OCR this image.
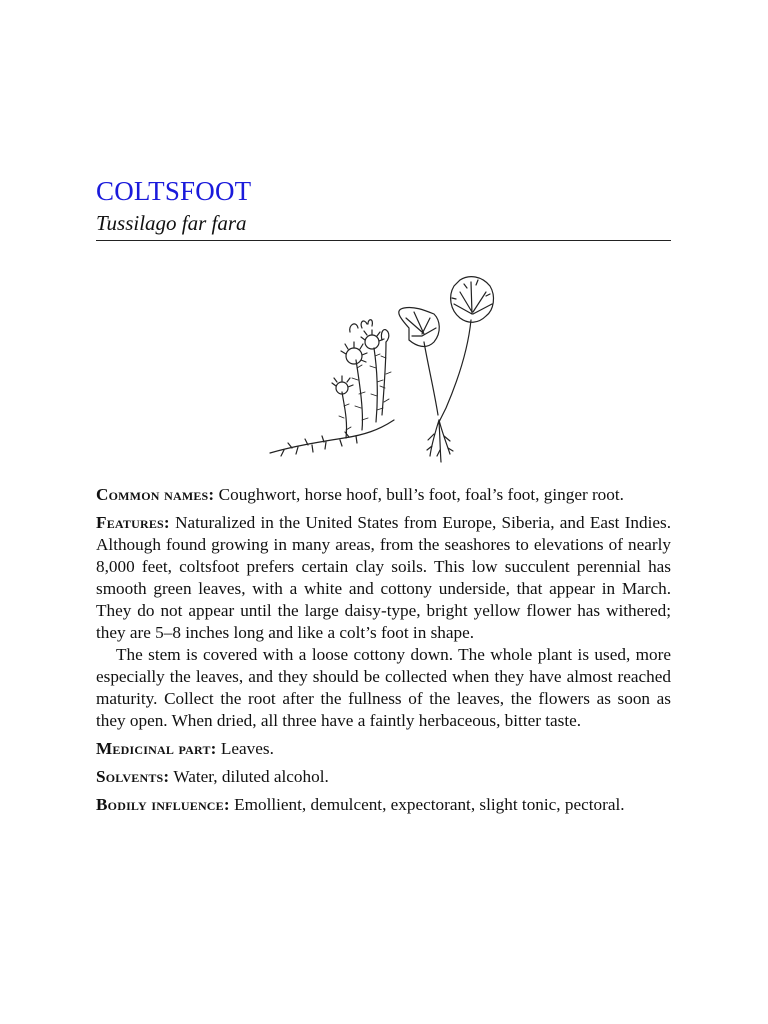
COLTSFOOT
Tussilago far fara

Common names: Coughwort, horse hoof, bull’s foot, foal’s foot, ginger root.

Features: Naturalized in the United States from Europe, Siberia, and East Indies. Although found growing in many areas, from the seashores to elevations of nearly 8,000 feet, coltsfoot prefers certain clay soils. This low succulent perennial has smooth green leaves, with a white and cottony underside, that appear in March. They do not appear until the large daisy-type, bright yellow flower has withered; they are 5–8 inches long and like a colt’s foot in shape.

The stem is covered with a loose cottony down. The whole plant is used, more especially the leaves, and they should be collected when they have almost reached maturity. Collect the root after the fullness of the leaves, the flowers as soon as they open. When dried, all three have a faintly herbaceous, bitter taste.

Medicinal part: Leaves.

Solvents: Water, diluted alcohol.

Bodily influence: Emollient, demulcent, expectorant, slight tonic, pectoral.
